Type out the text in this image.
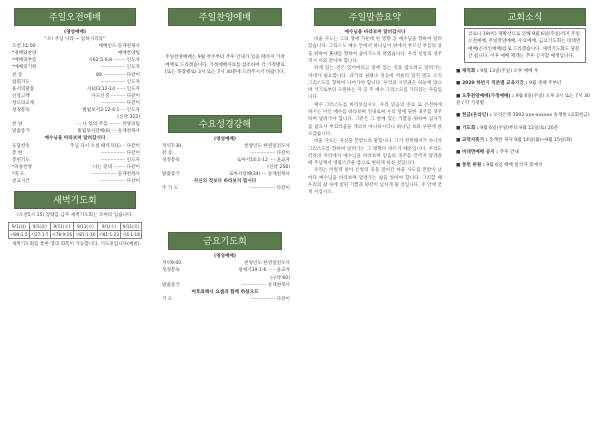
주일오전예배
(영성예배)
"오! 주님 나라 ~ 임하시리라"
오전 11:00	예배인도·송재천목사
*경배와찬양	예배찬양팀
*예배의부름	시62:5-6,8 ········ 인도자
*예배의기원	················· 인도자
찬 송	88 ··············· 다같이
참회기도	················· 인도자
용서의말씀	사103:12-14 ······ 인도자
신앙고백	사도신경 ·········· 다같이
성도의교제	················· 다같이
성경봉독	빌립보서3:12-4:1 ··· 인도자
(신약 322)
찬 양	··· 나 있의 주를 ········ 찬양의팀
말씀증거	빌립보서강해(6) ··· 송재천목사
예수님을 바라보며 달려갑시다
응답찬송	주님 다시 오실 때까지(1) ·· 다같이
봉 헌	················· 다같이
봉헌기도	················· 인도자
*파송찬양	나는 믿네 ········ 다같이
*축 도	················· 송재천목사
친교시간	················· 다같이
새벽기도회
(오전5시 15) 장태를 금주 새벽기도회는 모여라 입습니다.
9/1(화)	9/1(화)	9/11(수)	9/11(수)	9/1(수)	9/11(목)
시89:1-5	시27:1-7	시78:9-16	시81:1-16	시81:1-23	시4:1-18
· 새벽기도회를 통한 영의 회복이 가능합니다. 기도중입니다(예비).
주일찬양예배
주일찬양예배는 9월 첫주부터 추후 안내가 있을 때까지 가정예배로 드리겠습니다. 가정예배자료를 참조하여 각 가정별로 (또는 목장별로) 3시 또는 7시 30분에 드려주시기 바랍니다.
수요성경강해
(영성예배)
저녁7:30	찬양인도·한영일전도사
찬 송	················· 다같이
성경봉독	로마서14:1-12 ···· 윤교자
(신약 258)
말씀증거	로마서강해(34) ··· 송재천목사
자신의 것보다 바라보지 맙시다
주 기 도	················· 다같이
금요기도회
(영성예배)
저녁9:00	찬양인도·한영일전도사
성경봉독	창세기39:1-6 ····· 윤교자
(구약 60)
말씀증거	················· 송재천목사
여호와께서 요셉과 함께 하셨으므
기 도	················· 다같이
주일말씀요약
예수님을 바라보며 달려갑시다

바울 사도는 그의 생애 가운데 한 방향 곧 예수님을 향하여 달려갔습니다. 그리스도 예수 안에서 하나님이 위에서 부르신 부름의 상을 위하여 푯대를 향하여 좇아가노라 하였습니다. 우리 신앙의 경주 역시 이와 같아야 합니다.

뒤에 있는 것은 잊어버리고 앞에 있는 것을 잡으려고 달려가는 자세가 필요합니다. 과거의 실패나 성공에 머물러 있지 말고 오직 그리스도를 향하여 나아가야 합니다. 우리의 시민권은 하늘에 있으며 거기로부터 구원하는 자 곧 주 예수 그리스도를 기다리는 자들입니다.

예수 그리스도를 바라보십시오. 우리 믿음의 주요 또 온전하게 하시는 이인 예수를 바라보며 인내로써 우리 앞에 당한 경주를 경주하며 달려가야 합니다. 그분은 그 앞에 있는 기쁨을 위하여 십자가를 참으사 부끄러움을 개의치 아니하시더니 하나님 보좌 우편에 앉으셨습니다.

바울 사도는 자신을 본받으라 말합니다. 그가 완벽해서가 아니라 그리스도를 향하여 달려가는 그 방향이 바르기 때문입니다. 우리도 각자의 자리에서 예수님을 바라보며 믿음의 경주를 끝까지 달려갈 때 주님께서 영광스러운 몸으로 변하게 하실 것입니다.

우리는 이렇게 살아 신앙의 길을 걸어간 바울 사도를 본받아 날마다 예수님을 바라보며 달려가는 삶을 살아야 합니다. 그리할 때 우리의 삶 속에 참된 기쁨과 평강이 넘치게 될 것입니다. 주 안에 굳게 서십시오.

교회소식
코로나 19(이) 재확산으로 인해 9월 6일(주일)까지 주일오전예배, 주일찬양예배, 수요예배, 금요기도회는 비대면예배(온라인예배)를로 드리겠습니다. 새벽기도회도 당분간 쉽니다. 이후 예배 재개는 추후 공지할 예정입니다.
■ 제직회 : 9월 13일(주일) 오후 예배 후
■ 2020 하반기 직분별 교육기간 : 9월 셋째 주부터
■ 오후찬양예배(가정예배) : 9월 6일(주일) 오후 3시 또는 7시 30분 / 각 가정별
■ 헌금(온라인) : 우리은행 1002-xxx-xxxxxx 송재천 (교회헌금)
■ 기도회 : 9월 6일(주일)부터 9월 12일(토) 20분
■ 교역자휴가 : 송재천 목사 9월 14일(월)~9월 15일(화)
■ 비대면예배 공지 : 추후 안내
■ 봉헌 위원 : 9월 6일 예배 참석자 중에서
